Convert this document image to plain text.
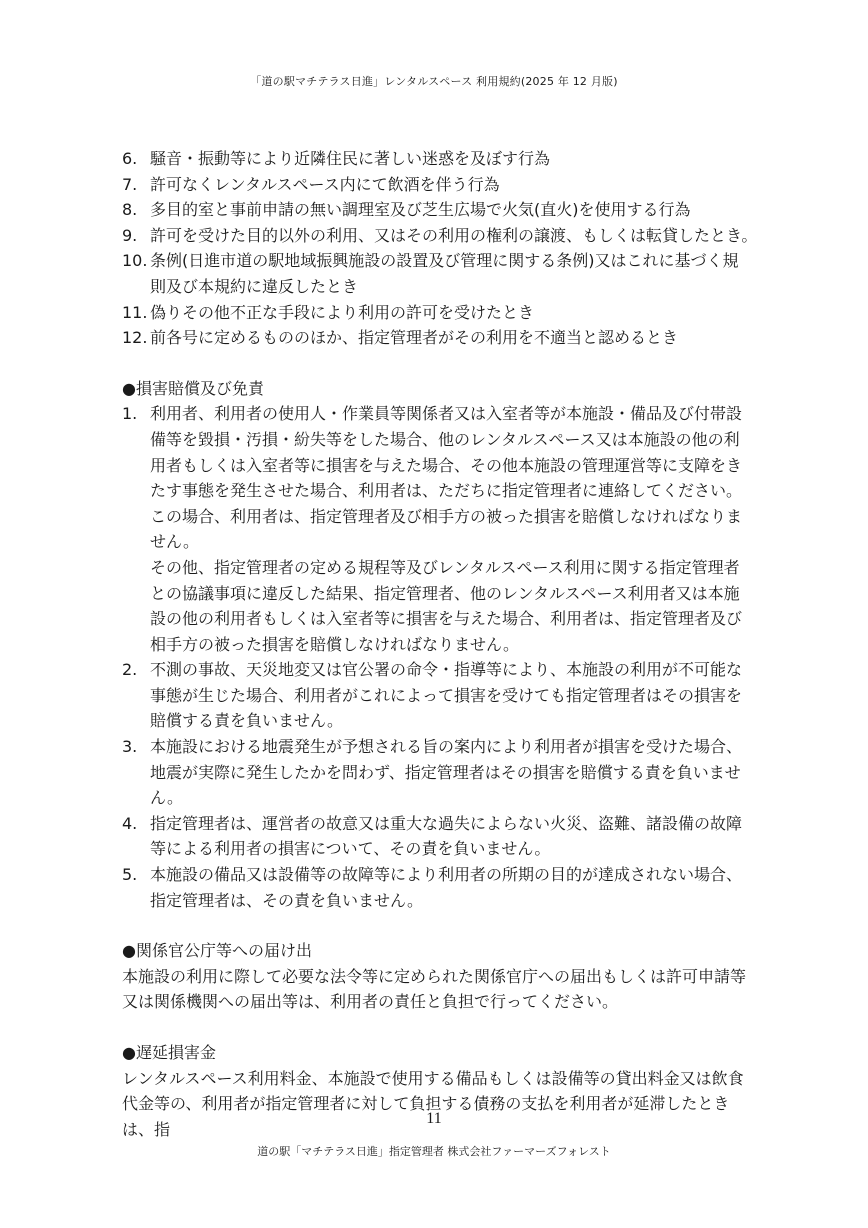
「道の駅マチテラス日進」レンタルスペース 利用規約(2025 年 12 月版)
6. 騒音・振動等により近隣住民に著しい迷惑を及ぼす行為
7. 許可なくレンタルスペース内にて飲酒を伴う行為
8. 多目的室と事前申請の無い調理室及び芝生広場で火気(直火)を使用する行為
9. 許可を受けた目的以外の利用、又はその利用の権利の譲渡、もしくは転貸したとき。
10. 条例(日進市道の駅地域振興施設の設置及び管理に関する条例)又はこれに基づく規則及び本規約に違反したとき
11. 偽りその他不正な手段により利用の許可を受けたとき
12. 前各号に定めるもののほか、指定管理者がその利用を不適当と認めるとき
●損害賠償及び免責
1. 利用者、利用者の使用人・作業員等関係者又は入室者等が本施設・備品及び付帯設備等を毀損・汚損・紛失等をした場合、他のレンタルスペース又は本施設の他の利用者もしくは入室者等に損害を与えた場合、その他本施設の管理運営等に支障をきたす事態を発生させた場合、利用者は、ただちに指定管理者に連絡してください。この場合、利用者は、指定管理者及び相手方の被った損害を賠償しなければなりません。
その他、指定管理者の定める規程等及びレンタルスペース利用に関する指定管理者との協議事項に違反した結果、指定管理者、他のレンタルスペース利用者又は本施設の他の利用者もしくは入室者等に損害を与えた場合、利用者は、指定管理者及び相手方の被った損害を賠償しなければなりません。
2. 不測の事故、天災地変又は官公署の命令・指導等により、本施設の利用が不可能な事態が生じた場合、利用者がこれによって損害を受けても指定管理者はその損害を賠償する責を負いません。
3. 本施設における地震発生が予想される旨の案内により利用者が損害を受けた場合、地震が実際に発生したかを問わず、指定管理者はその損害を賠償する責を負いません。
4. 指定管理者は、運営者の故意又は重大な過失によらない火災、盗難、諸設備の故障等による利用者の損害について、その責を負いません。
5. 本施設の備品又は設備等の故障等により利用者の所期の目的が達成されない場合、指定管理者は、その責を負いません。
●関係官公庁等への届け出
本施設の利用に際して必要な法令等に定められた関係官庁への届出もしくは許可申請等又は関係機関への届出等は、利用者の責任と負担で行ってください。
●遅延損害金
レンタルスペース利用料金、本施設で使用する備品もしくは設備等の貸出料金又は飲食代金等の、利用者が指定管理者に対して負担する債務の支払を利用者が延滞したときは、指
11
道の駅「マチテラス日進」指定管理者 株式会社ファーマーズフォレスト
